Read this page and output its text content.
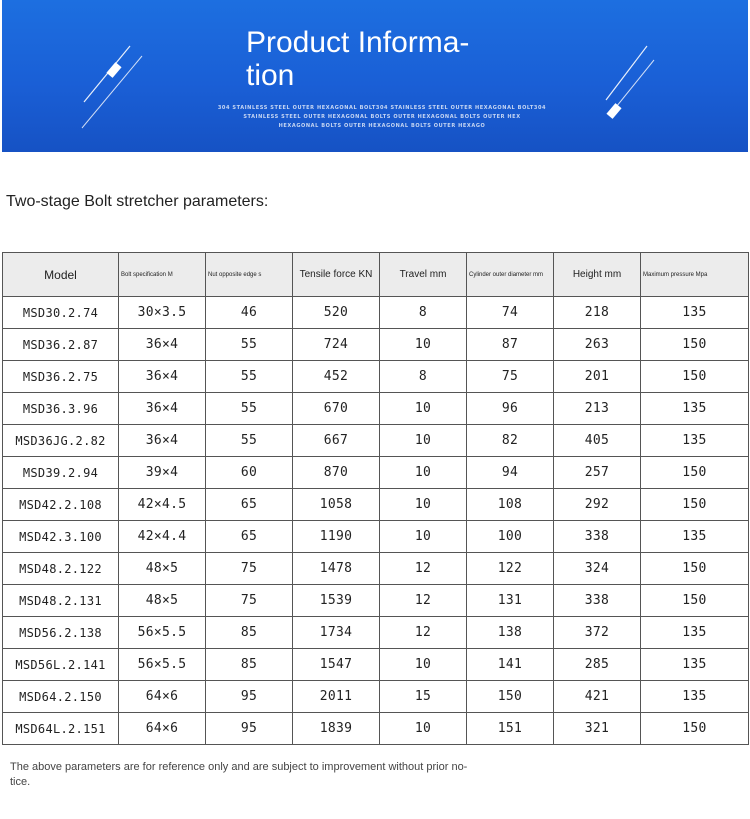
Product Informa-
tion
304 STAINLESS STEEL OUTER HEXAGONAL BOLT304 STAINLESS STEEL OUTER HEXAGONAL BOLT304
STAINLESS STEEL OUTER HEXAGONAL BOLTS OUTER HEXAGONAL BOLTS OUTER HEX
HEXAGONAL BOLTS OUTER HEXAGONAL BOLTS OUTER HEXAGO
Two-stage Bolt stretcher parameters:
Model	Bolt specification M	Nut opposite edge s	Tensile force KN	Travel mm	Cylinder outer diameter mm	Height mm	Maximum pressure Mpa
MSD30.2.74	30×3.5	46	520	8	74	218	135
MSD36.2.87	36×4	55	724	10	87	263	150
MSD36.2.75	36×4	55	452	8	75	201	150
MSD36.3.96	36×4	55	670	10	96	213	135
MSD36JG.2.82	36×4	55	667	10	82	405	135
MSD39.2.94	39×4	60	870	10	94	257	150
MSD42.2.108	42×4.5	65	1058	10	108	292	150
MSD42.3.100	42×4.4	65	1190	10	100	338	135
MSD48.2.122	48×5	75	1478	12	122	324	150
MSD48.2.131	48×5	75	1539	12	131	338	150
MSD56.2.138	56×5.5	85	1734	12	138	372	135
MSD56L.2.141	56×5.5	85	1547	10	141	285	135
MSD64.2.150	64×6	95	2011	15	150	421	135
MSD64L.2.151	64×6	95	1839	10	151	321	150
The above parameters are for reference only and are subject to improvement without prior no-
tice.
